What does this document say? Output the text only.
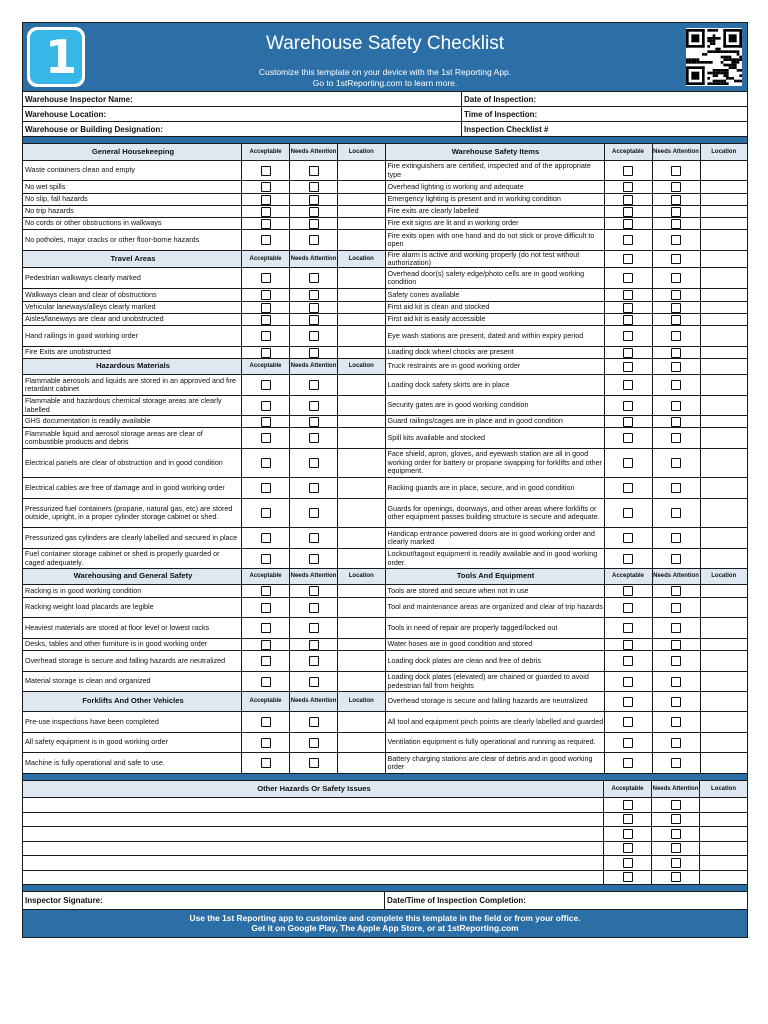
1	Warehouse Safety Checklist
Customize this template on your device with the 1st Reporting App.
Go to 1stReporting.com to learn more.
Warehouse Inspector Name:	Date of Inspection:
Warehouse Location:	Time of Inspection:
Warehouse or Building Designation:	Inspection Checklist #
General Housekeeping	Acceptable	Needs Attention	Location
Waste containers clean and empty
No wet spills
No slip, fall hazards
No trip hazards
No cords or other obstructions in walkways
No potholes, major cracks or other floor-borne hazards
Travel Areas	Acceptable	Needs Attention	Location
Pedestrian walkways clearly marked
Walkways clean and clear of obstructions
Vehicular laneways/alleys clearly marked
Aisles/laneways are clear and unobstructed
Hand railings in good working order
Fire Exits are unobstructed
Hazardous Materials	Acceptable	Needs Attention	Location
Flammable aerosols and liquids are stored in an approved and fire retardant cabinet
Flammable and hazardous chemical storage areas are clearly labelled
GHS documentation is readily available
Flammable liquid and aerosol storage areas are clear of combustible products and debris
Electrical panels are clear of obstruction and in good condition
Electrical cables are free of damage and in good working order
Pressurized fuel containers (propane, natural gas, etc) are stored outside, upright, in a proper cylinder storage cabinet or shed.
Pressurized gas cylinders are clearly labelled and secured in place
Fuel container storage cabinet or shed is properly guarded or caged adequately.
Warehousing and General Safety	Acceptable	Needs Attention	Location
Racking is in good working condition
Racking weight load placards are legible
Heaviest materials are stored at floor level or lowest racks
Desks, tables and other furniture is in good working order
Overhead storage is secure and falling hazards are neutralized
Material storage is clean and organized
Forklifts And Other Vehicles	Acceptable	Needs Attention	Location
Pre-use inspections have been completed
All safety equipment is in good working order
Machine is fully operational and safe to use.
Warehouse Safety Items	Acceptable	Needs Attention	Location
Fire extinguishers are certified, inspected and of the appropriate type
Overhead lighting is working and adequate
Emergency lighting is present and in working condition
Fire exits are clearly labelled
Fire exit signs are lit and in working order
Fire exits open with one hand and do not stick or prove difficult to open
Fire alarm is active and working properly (do not test without authorization)
Overhead door(s) safety edge/photo cells are in good working condition
Safety cones available
First aid kit is clean and stocked
First aid kit is easily accessible
Eye wash stations are present, dated and within expiry period
Loading dock wheel chocks are present
Truck restraints are in good working order
Loading dock safety skirts are in place
Security gates are in good working condition
Guard railings/cages are in place and in good condition
Spill kits available and stocked
Face shield, apron, gloves, and eyewash station are all in good working order for battery or propane swapping for forklifts and other equipment.
Racking guards are in place, secure, and in good condition
Guards for openings, doorways, and other areas where forklifts or other equipment passes building structure is secure and adequate.
Handicap entrance powered doors are in good working order and clearly marked
Lockout/tagout equipment is readily available and in good working order.
Tools And Equipment	Acceptable	Needs Attention	Location
Tools are stored and secure when not in use
Tool and maintenance areas are organized and clear of trip hazards
Tools in need of repair are properly tagged/locked out
Water hoses are in good condition and stored
Loading dock plates are clean and free of debris
Loading dock plates (elevated) are chained or guarded to avoid pedestrian fall from heights
Overhead storage is secure and falling hazards are neutralized
All tool and equipment pinch points are clearly labelled and guarded
Ventilation equipment is fully operational and running as required.
Battery charging stations are clear of debris and in good working order
Other Hazards Or Safety Issues	Acceptable	Needs Attention	Location
Inspector Signature:	Date/Time of Inspection Completion:
Use the 1st Reporting app to customize and complete this template in the field or from your office.
Get it on Google Play, The Apple App Store, or at 1stReporting.com
